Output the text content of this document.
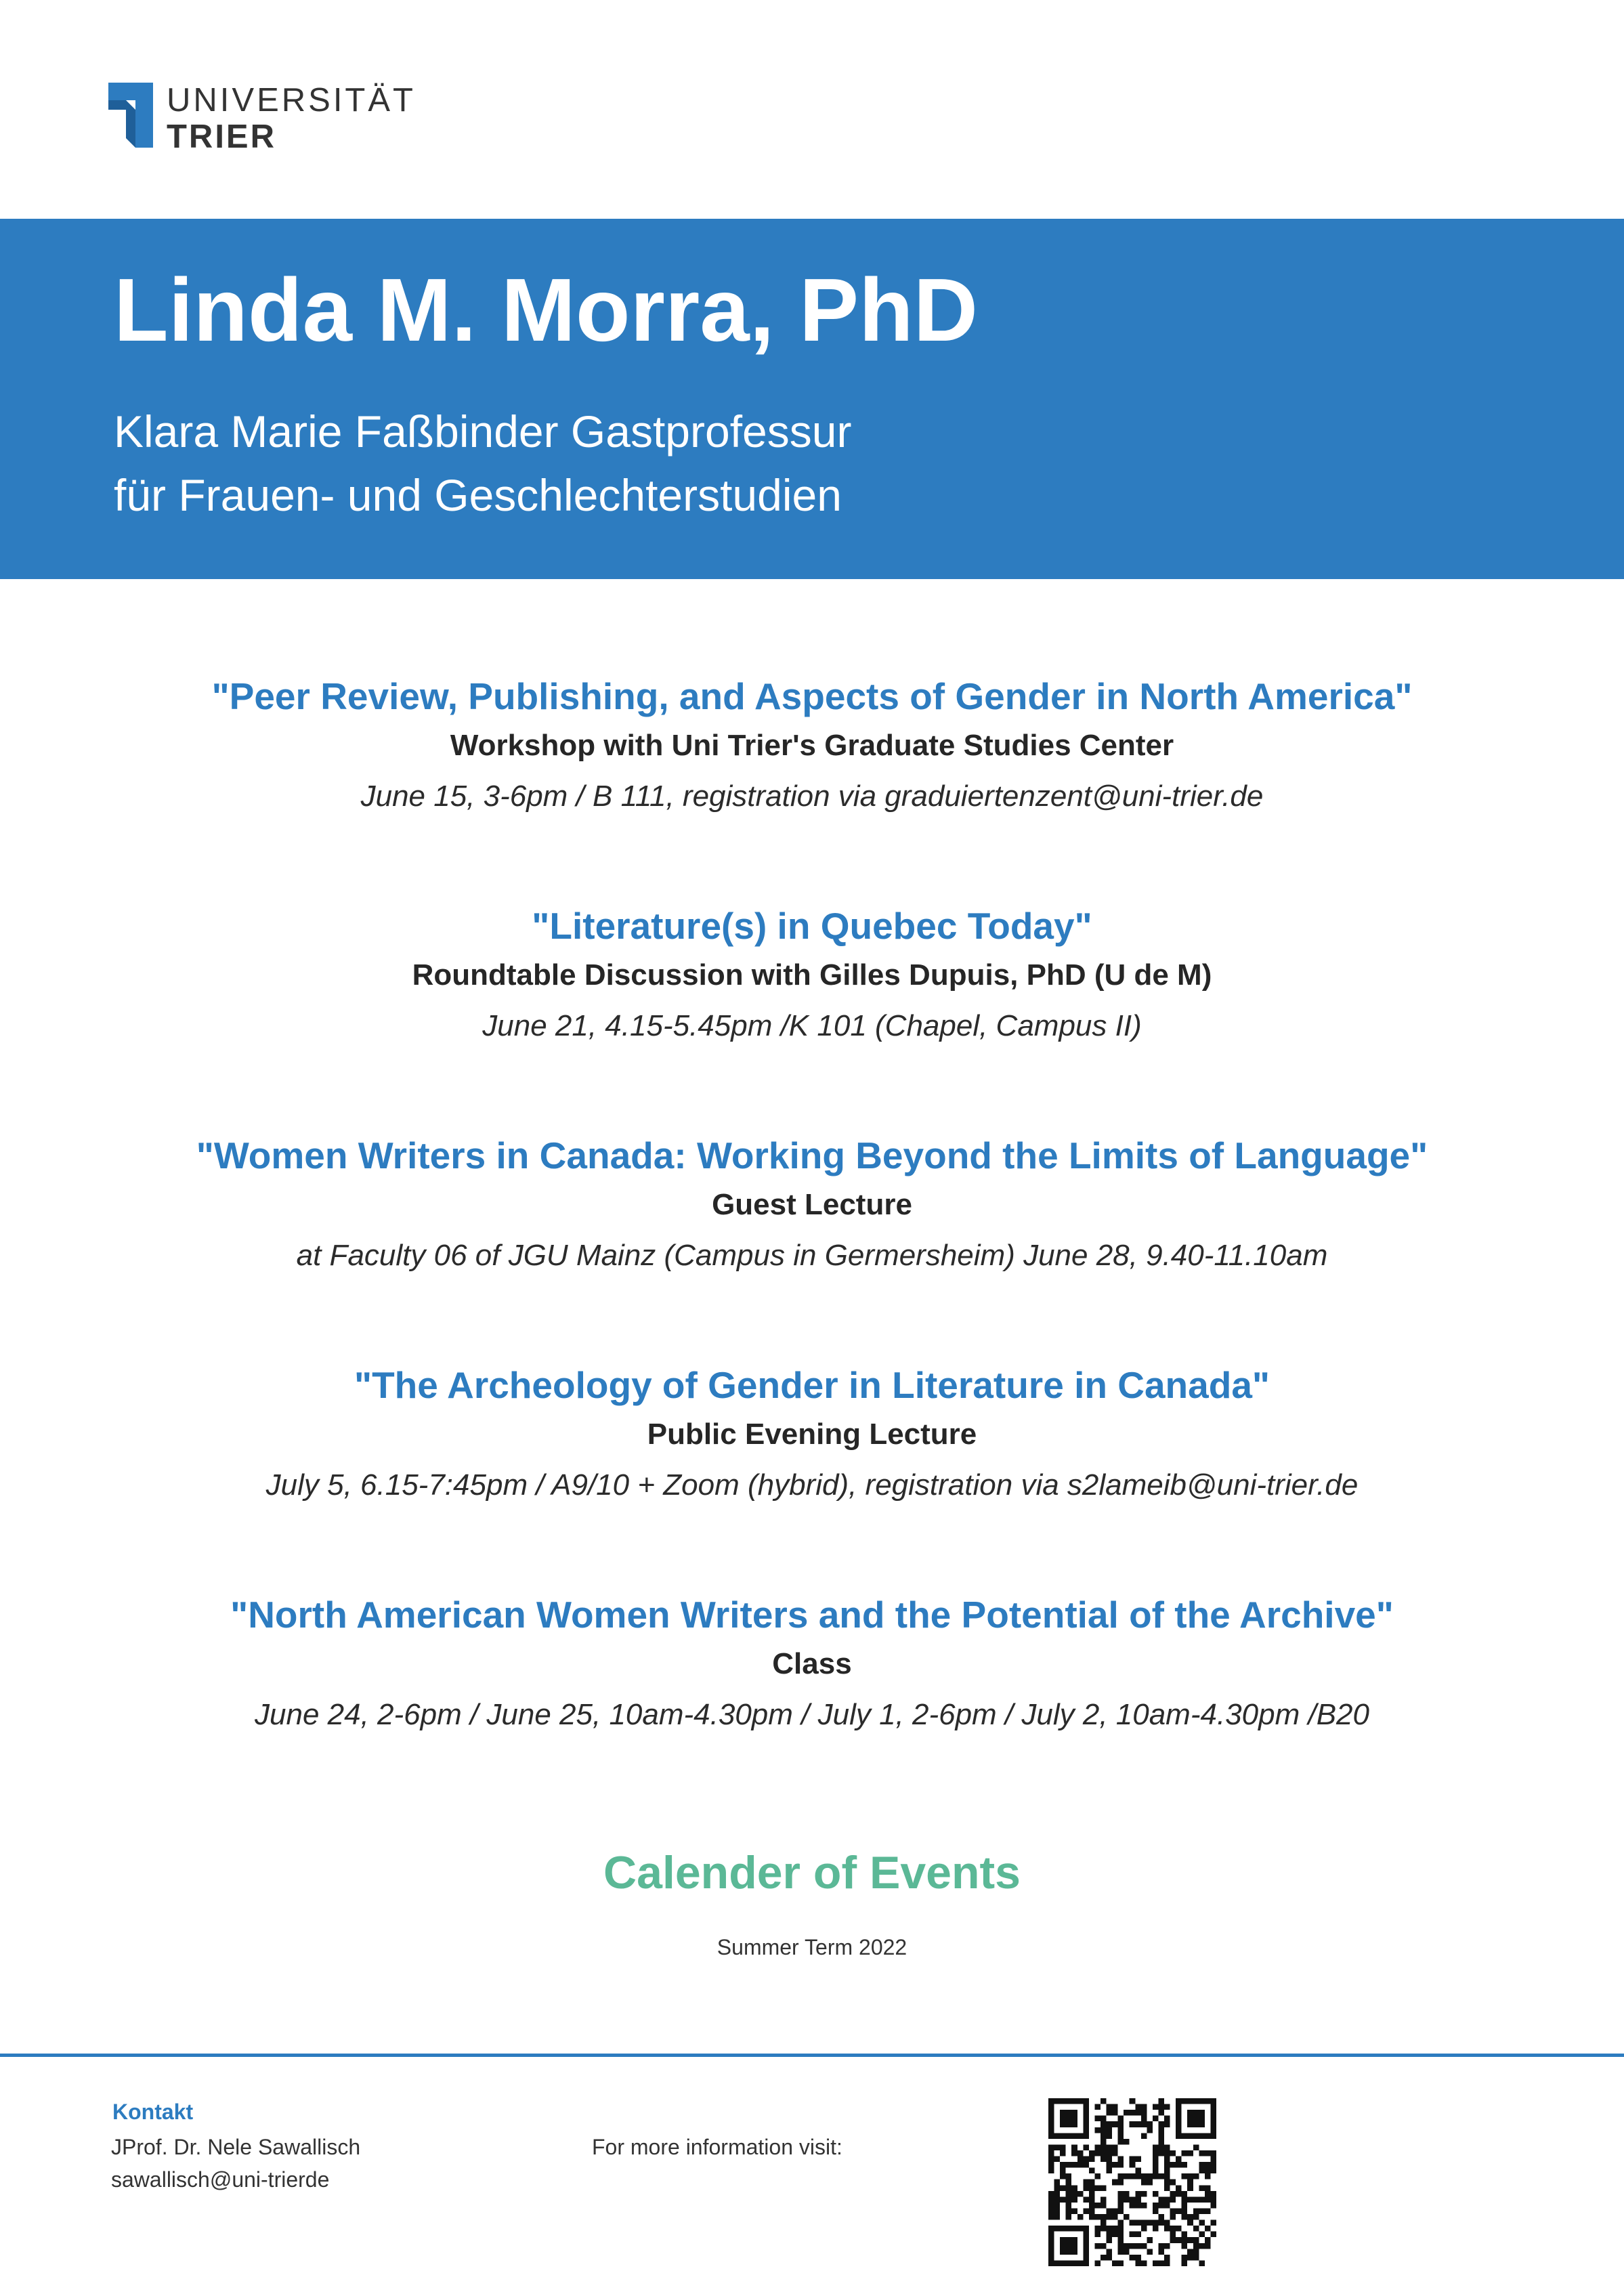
UNIVERSITÄT
TRIER
Linda M. Morra, PhD
Klara Marie Faßbinder Gastprofessur
für Frauen- und Geschlechterstudien
"Peer Review, Publishing, and Aspects of Gender in North America"
Workshop with Uni Trier's Graduate Studies Center
June 15, 3-6pm / B 111, registration via graduiertenzent@uni-trier.de
"Literature(s) in Quebec Today"
Roundtable Discussion with Gilles Dupuis, PhD (U de M)
June 21, 4.15-5.45pm /K 101 (Chapel, Campus II)
"Women Writers in Canada: Working Beyond the Limits of Language"
Guest Lecture
at Faculty 06 of JGU Mainz (Campus in Germersheim) June 28, 9.40-11.10am
"The Archeology of Gender in Literature in Canada"
Public Evening Lecture
July 5, 6.15-7:45pm / A9/10 + Zoom (hybrid), registration via s2lameib@uni-trier.de
"North American Women Writers and the Potential of the Archive"
Class
June 24, 2-6pm / June 25, 10am-4.30pm / July 1, 2-6pm / July 2, 10am-4.30pm /B20
Calender of Events
Summer Term 2022
Kontakt
JProf. Dr. Nele Sawallisch
sawallisch@uni-trierde
For more information visit:
